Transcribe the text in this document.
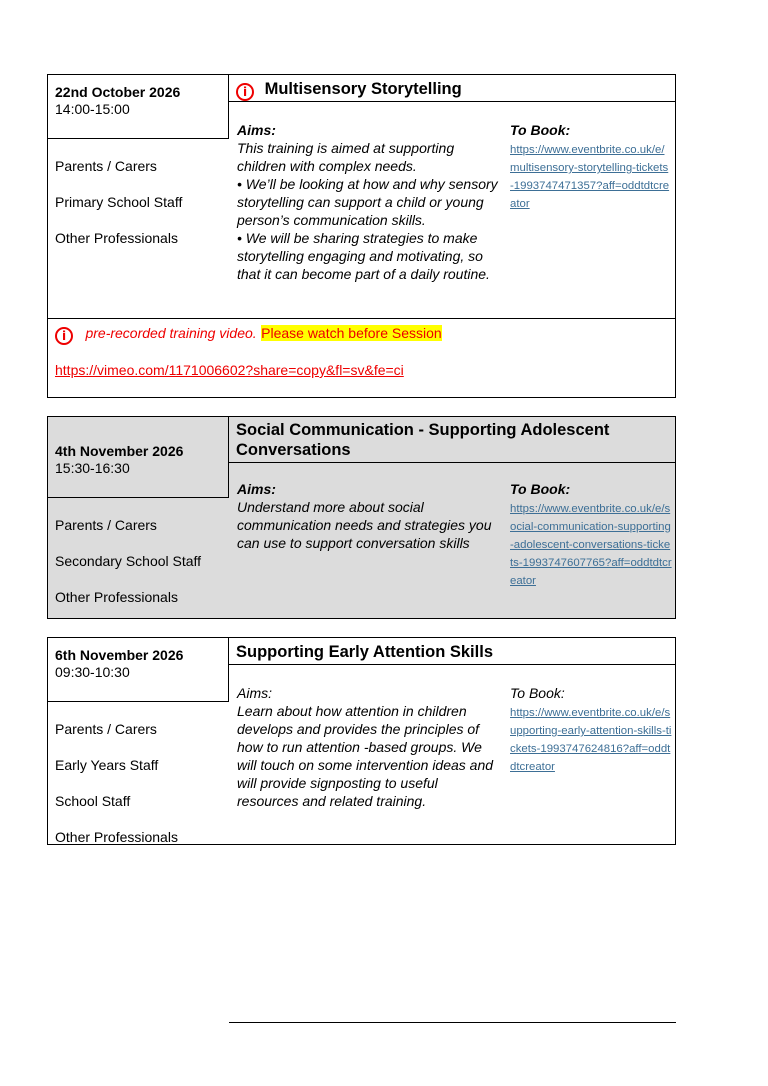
22nd October 2026
14:00-15:00
i Multisensory Storytelling
Parents / Carers
Primary School Staff
Other Professionals
Aims:
This training is aimed at supporting children with complex needs.
• We’ll be looking at how and why sensory storytelling can support a child or young person’s communication skills.
• We will be sharing strategies to make storytelling engaging and motivating, so that it can become part of a daily routine.
To Book:
https://www.eventbrite.co.uk/e/multisensory-storytelling-tickets-1993747471357?aff=oddtdtcreator
i pre-recorded training video. Please watch before Session
https://vimeo.com/1171006602?share=copy&fl=sv&fe=ci
4th November 2026
15:30-16:30
Social Communication - Supporting Adolescent Conversations
Parents / Carers
Secondary School Staff
Other Professionals
Aims:
Understand more about social communication needs and strategies you can use to support conversation skills
To Book:
https://www.eventbrite.co.uk/e/social-communication-supporting-adolescent-conversations-tickets-1993747607765?aff=oddtdtcreator
6th November 2026
09:30-10:30
Supporting Early Attention Skills
Parents / Carers
Early Years Staff
School Staff
Other Professionals
Aims:
Learn about how attention in children develops and provides the principles of how to run attention -based groups. We will touch on some intervention ideas and will provide signposting to useful resources and related training.
To Book:
https://www.eventbrite.co.uk/e/supporting-early-attention-skills-tickets-1993747624816?aff=oddtdtcreator
